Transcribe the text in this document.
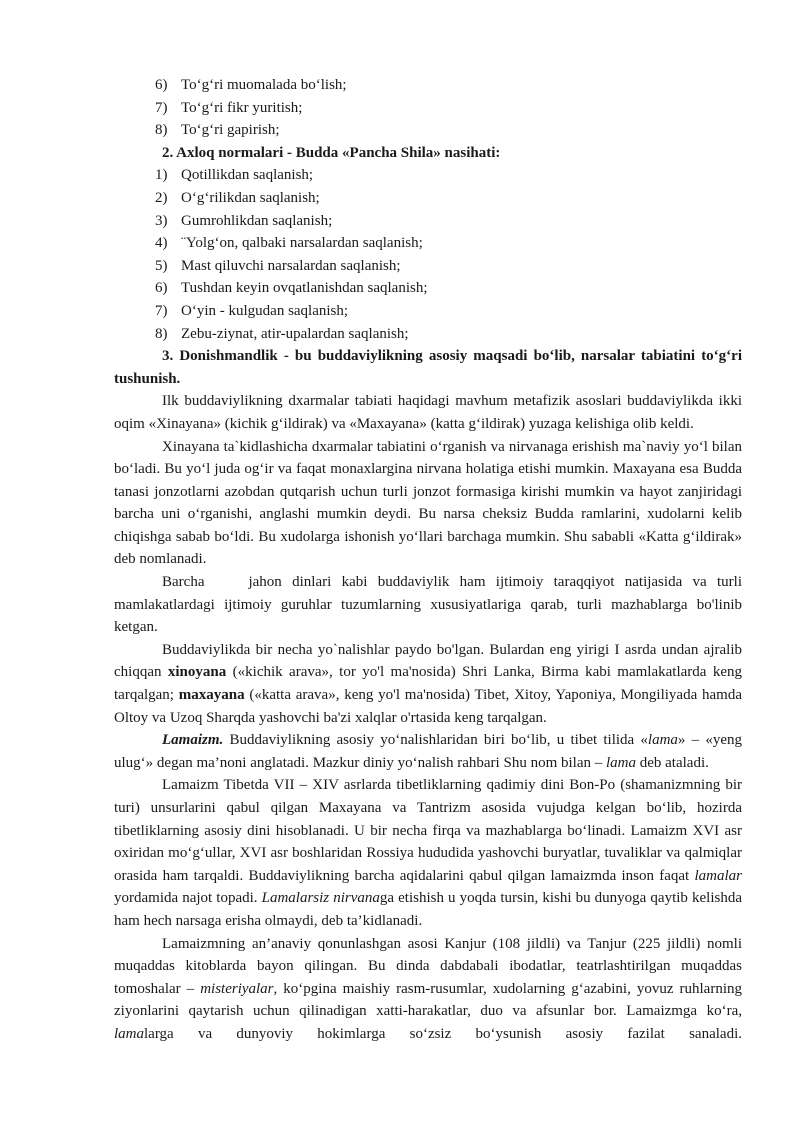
6) To‘g‘ri muomalada bo‘lish;
7) To‘g‘ri fikr yuritish;
8) To‘g‘ri gapirish;
2. Axloq normalari - Budda «Pancha Shila» nasihati:
1) Qotillikdan saqlanish;
2) O‘g‘rilikdan saqlanish;
3) Gumrohlikdan saqlanish;
4) ¨Yolg‘on, qalbaki narsalardan saqlanish;
5) Mast qiluvchi narsalardan saqlanish;
6) Tushdan keyin ovqatlanishdan saqlanish;
7) O‘yin - kulgudan saqlanish;
8) Zebu-ziynat, atir-upalardan saqlanish;

3. Donishmandlik - bu buddaviylikning asosiy maqsadi bo‘lib, narsalar tabiatini to‘g‘ri tushunish.

Ilk buddaviylikning dxarmalar tabiati haqidagi mavhum metafizik asoslari buddaviylikda ikki oqim «Xinayana» (kichik g‘ildirak) va «Maxayana» (katta g‘ildirak) yuzaga kelishiga olib keldi.

Xinayana ta`kidlashicha dxarmalar tabiatini o‘rganish va nirvanaga erishish ma`naviy yo‘l bilan bo‘ladi. Bu yo‘l juda og‘ir va faqat monaxlargina nirvana holatiga etishi mumkin. Maxayana esa Budda tanasi jonzotlarni azobdan qutqarish uchun turli jonzot formasiga kirishi mumkin va hayot zanjiridagi barcha uni o‘rganishi, anglashi mumkin deydi. Bu narsa cheksiz Budda ramlarini, xudolarni kelib chiqishga sabab bo‘ldi. Bu xudolarga ishonish yo‘llari barchaga mumkin. Shu sababli «Katta g‘ildirak» deb nomlanadi.

Barcha	jahon dinlari kabi buddaviylik ham ijtimoiy taraqqiyot natijasida va turli mamlakatlardagi ijtimoiy guruhlar tuzumlarning xususiyatlariga qarab, turli mazhablarga bo'linib ketgan.

Buddaviylikda bir necha yo`nalishlar paydo bo'lgan. Bulardan eng yirigi I asrda undan ajralib chiqqan xinoyana («kichik arava», tor yo'l ma'nosida) Shri Lanka, Birma kabi mamlakatlarda keng tarqalgan; maxayana («katta arava», keng yo'l ma'nosida) Tibet, Xitoy, Yaponiya, Mongiliyada hamda Oltoy va Uzoq Sharqda yashovchi ba'zi xalqlar o'rtasida keng tarqalgan.

Lamaizm. Buddaviylikning asosiy yo‘nalishlaridan biri bo‘lib, u tibet tilida «lama» – «yeng ulug‘» degan ma’noni anglatadi. Mazkur diniy yo‘nalish rahbari Shu nom bilan – lama deb ataladi.

Lamaizm Tibetda VII – XIV asrlarda tibetliklarning qadimiy dini Bon-Po (shamanizmning bir turi) unsurlarini qabul qilgan Maxayana va Tantrizm asosida vujudga kelgan bo‘lib, hozirda tibetliklarning asosiy dini hisoblanadi. U bir necha firqa va mazhablarga bo‘linadi. Lamaizm XVI asr oxiridan mo‘g‘ullar, XVI asr boshlaridan Rossiya hududida yashovchi buryatlar, tuvaliklar va qalmiqlar orasida ham tarqaldi. Buddaviylikning barcha aqidalarini qabul qilgan lamaizmda inson faqat lamalar yordamida najot topadi. Lamalarsiz nirvanaga etishish u yoqda tursin, kishi bu dunyoga qaytib kelishda ham hech narsaga erisha olmaydi, deb ta’kidlanadi.

Lamaizmning an’anaviy qonunlashgan asosi Kanjur (108 jildli) va Tanjur (225 jildli) nomli muqaddas kitoblarda bayon qilingan. Bu dinda dabdabali ibodatlar, teatrlashtirilgan muqaddas tomoshalar – misteriyalar, ko‘pgina maishiy rasm-rusumlar, xudolarning g‘azabini, yovuz ruhlarning ziyonlarini qaytarish uchun qilinadigan xatti-harakatlar, duo va afsunlar bor. Lamaizmga ko‘ra, lamalarga va dunyoviy hokimlarga so‘zsiz bo‘ysunish asosiy fazilat sanaladi.
